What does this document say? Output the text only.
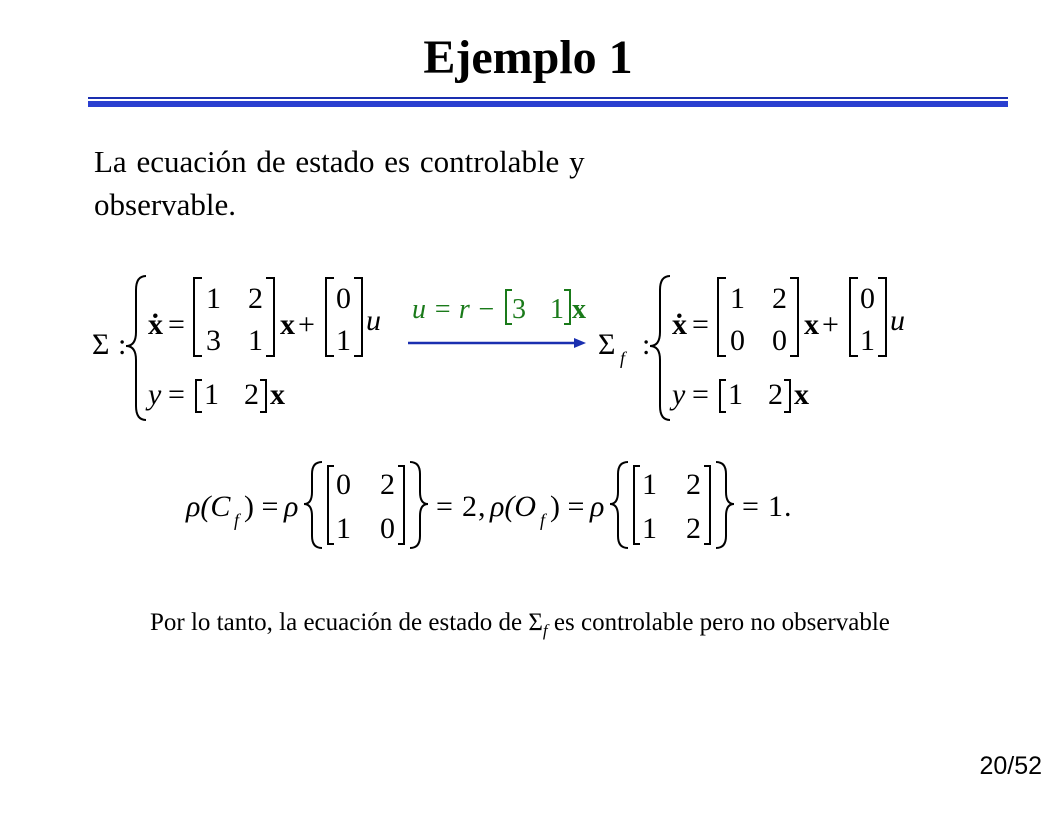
Ejemplo 1
La ecuación de estado es controlable y observable.
Σ :
ẋ =
1 2
3 1 x +
0
1
u
y = 1 2 x
u = r − 3 1 x
Σ f :
ẋ =
1 2
0 0 x +
0
1
u
y = 1 2 x
ρ(C f ) = ρ
0 2
1 0
= 2 , ρ(O f ) = ρ
1 2
1 2
= 1 .
Por lo tanto, la ecuación de estado de $\Sigma_f$ es controlable pero no observable
20/52
